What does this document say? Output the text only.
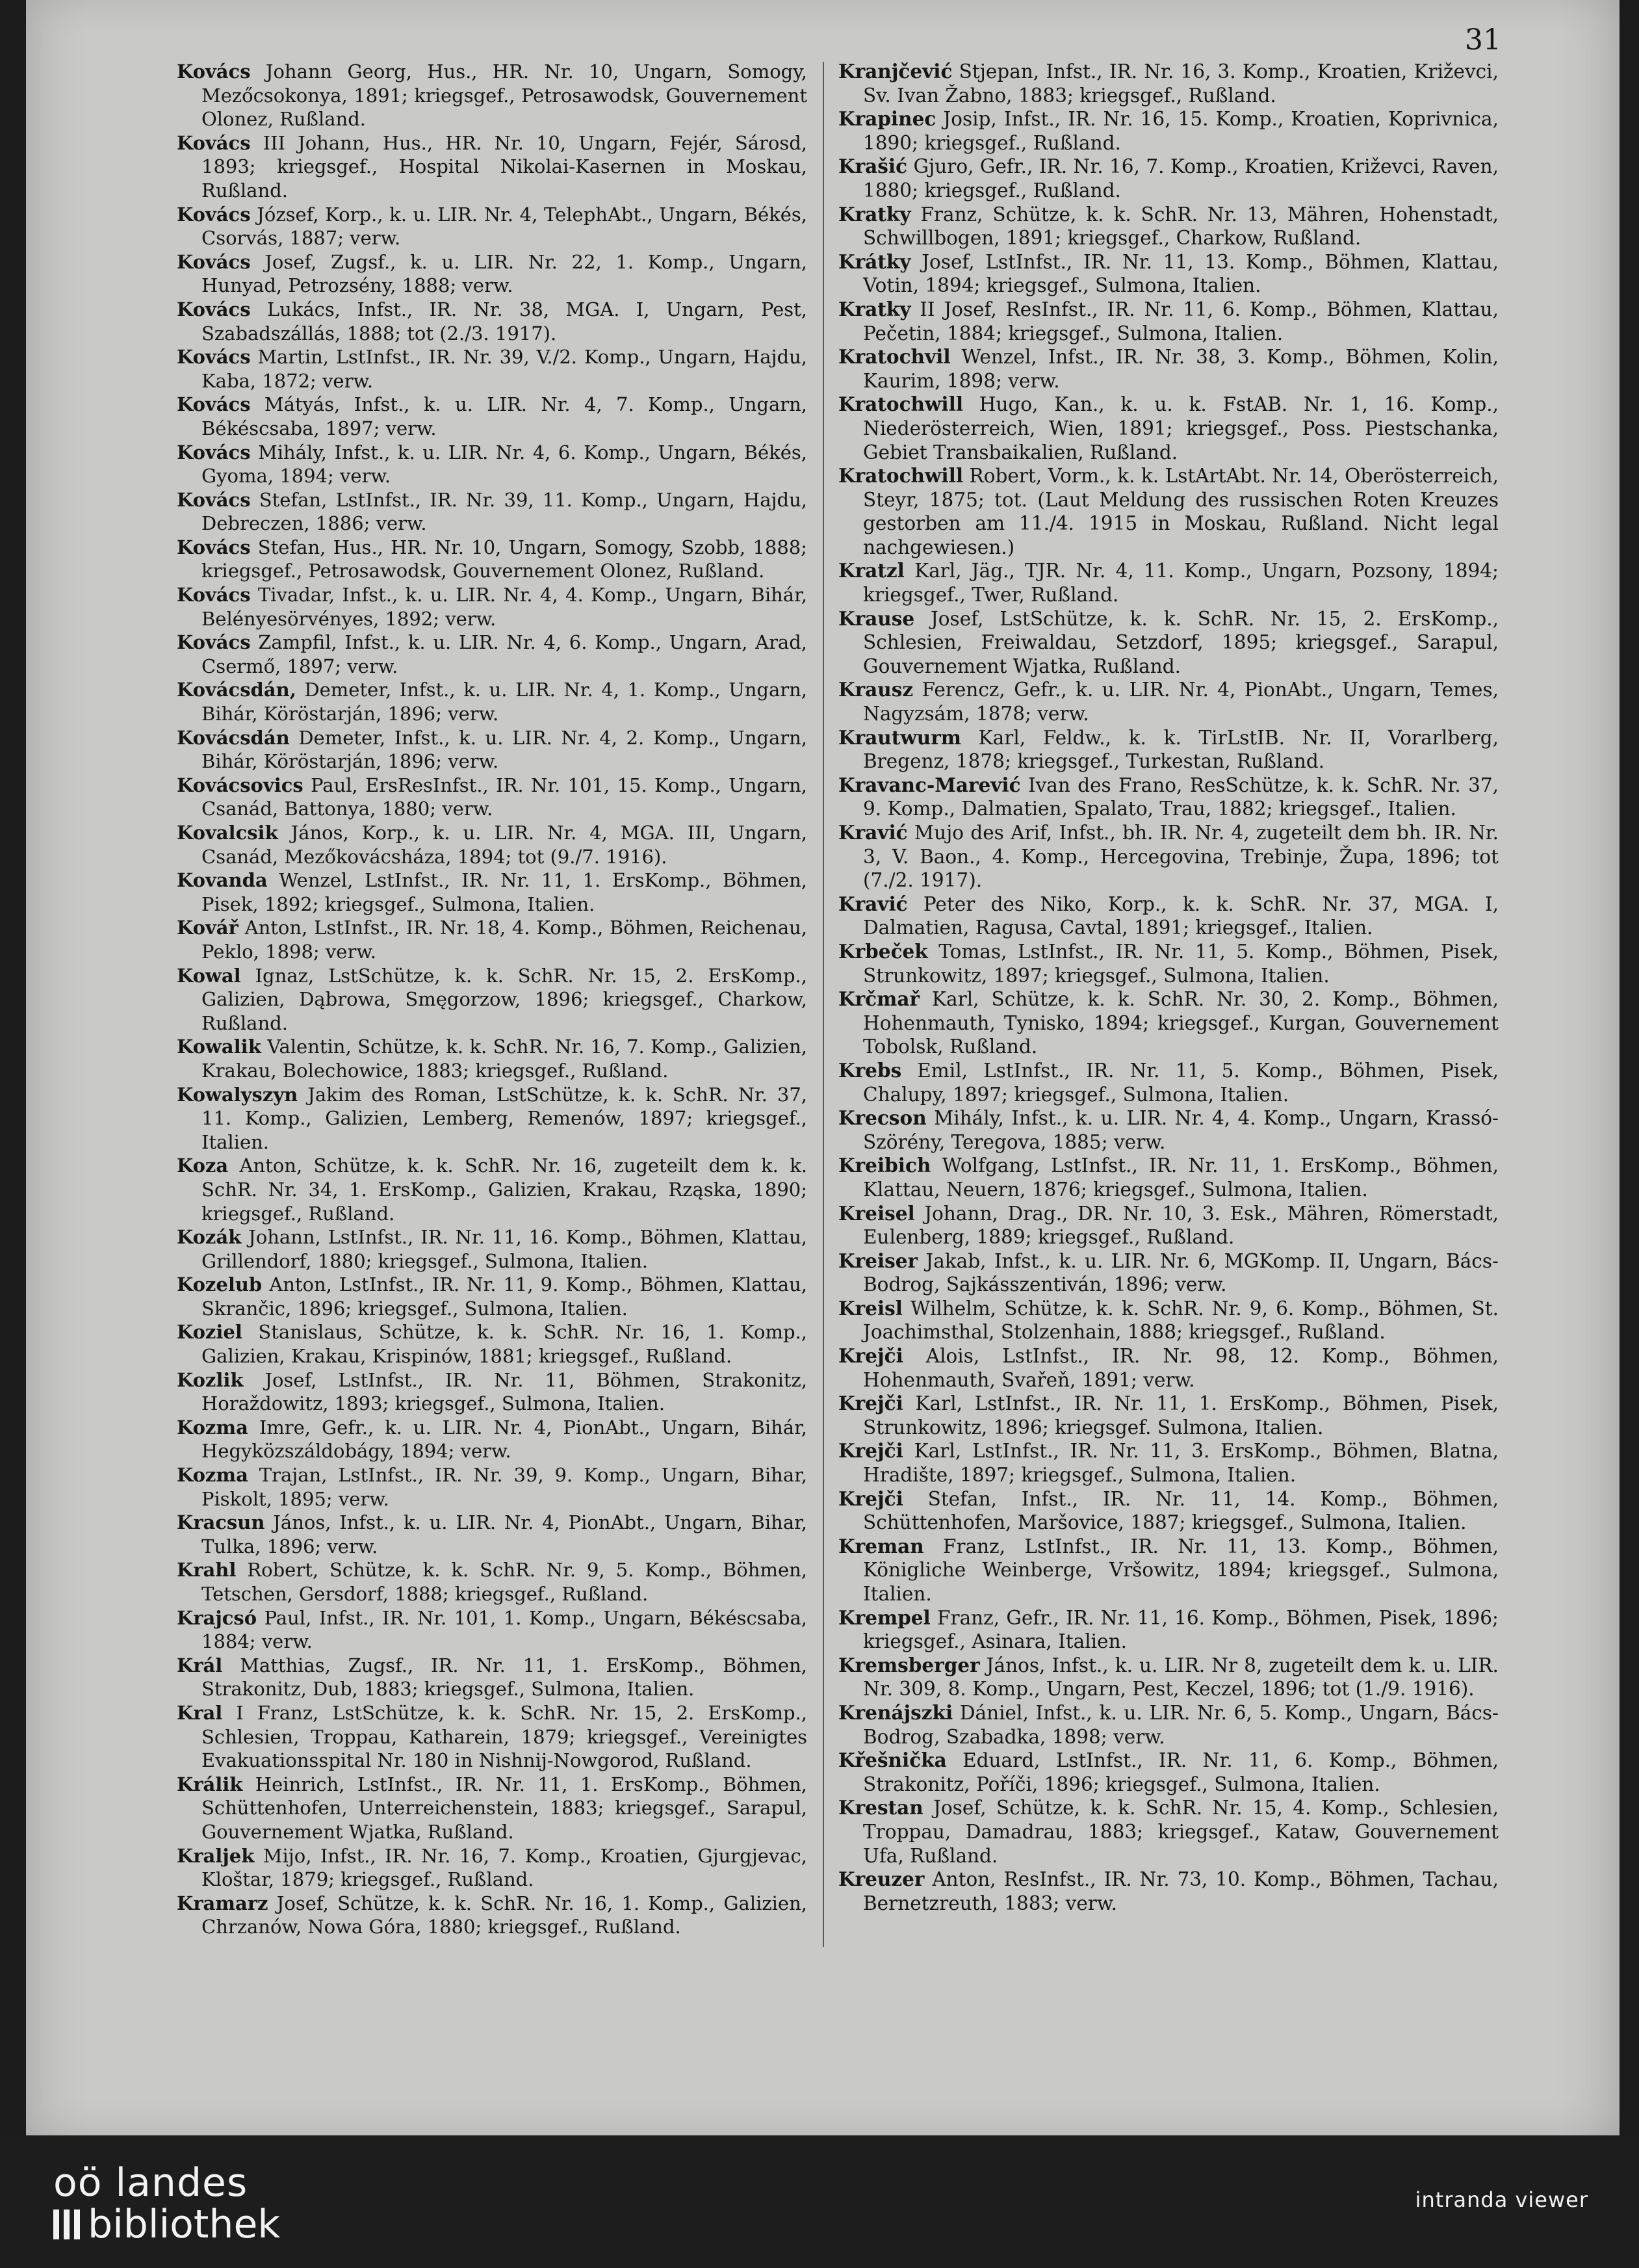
31

Kovács Johann Georg, Hus., HR. Nr. 10, Ungarn, Somogy, Mezőcsokonya, 1891; kriegsgef., Petrosawodsk, Gouvernement Olonez, Rußland.

Kovács III Johann, Hus., HR. Nr. 10, Ungarn, Fejér, Sárosd, 1893; kriegsgef., Hospital Nikolai-Kasernen in Moskau, Rußland.

Kovács József, Korp., k. u. LIR. Nr. 4, TelephAbt., Ungarn, Békés, Csorvás, 1887; verw.

Kovács Josef, Zugsf., k. u. LIR. Nr. 22, 1. Komp., Ungarn, Hunyad, Petrozsény, 1888; verw.

Kovács Lukács, Infst., IR. Nr. 38, MGA. I, Ungarn, Pest, Szabadszállás, 1888; tot (2./3. 1917).

Kovács Martin, LstInfst., IR. Nr. 39, V./2. Komp., Ungarn, Hajdu, Kaba, 1872; verw.

Kovács Mátyás, Infst., k. u. LIR. Nr. 4, 7. Komp., Ungarn, Békéscsaba, 1897; verw.

Kovács Mihály, Infst., k. u. LIR. Nr. 4, 6. Komp., Ungarn, Békés, Gyoma, 1894; verw.

Kovács Stefan, LstInfst., IR. Nr. 39, 11. Komp., Ungarn, Hajdu, Debreczen, 1886; verw.

Kovács Stefan, Hus., HR. Nr. 10, Ungarn, Somogy, Szobb, 1888; kriegsgef., Petrosawodsk, Gouvernement Olonez, Rußland.

Kovács Tivadar, Infst., k. u. LIR. Nr. 4, 4. Komp., Ungarn, Bihár, Belényesörvényes, 1892; verw.

Kovács Zampfil, Infst., k. u. LIR. Nr. 4, 6. Komp., Ungarn, Arad, Csermő, 1897; verw.

Kovácsdán, Demeter, Infst., k. u. LIR. Nr. 4, 1. Komp., Ungarn, Bihár, Köröstarján, 1896; verw.

Kovácsdán Demeter, Infst., k. u. LIR. Nr. 4, 2. Komp., Ungarn, Bihár, Köröstarján, 1896; verw.

Kovácsovics Paul, ErsResInfst., IR. Nr. 101, 15. Komp., Ungarn, Csanád, Battonya, 1880; verw.

Kovalcsik János, Korp., k. u. LIR. Nr. 4, MGA. III, Ungarn, Csanád, Mezőkovácsháza, 1894; tot (9./7. 1916).

Kovanda Wenzel, LstInfst., IR. Nr. 11, 1. ErsKomp., Böhmen, Pisek, 1892; kriegsgef., Sulmona, Italien.

Kovář Anton, LstInfst., IR. Nr. 18, 4. Komp., Böhmen, Reichenau, Peklo, 1898; verw.

Kowal Ignaz, LstSchütze, k. k. SchR. Nr. 15, 2. ErsKomp., Galizien, Dąbrowa, Smęgorzow, 1896; kriegsgef., Charkow, Rußland.

Kowalik Valentin, Schütze, k. k. SchR. Nr. 16, 7. Komp., Galizien, Krakau, Bolechowice, 1883; kriegsgef., Rußland.

Kowalyszyn Jakim des Roman, LstSchütze, k. k. SchR. Nr. 37, 11. Komp., Galizien, Lemberg, Remenów, 1897; kriegsgef., Italien.

Koza Anton, Schütze, k. k. SchR. Nr. 16, zugeteilt dem k. k. SchR. Nr. 34, 1. ErsKomp., Galizien, Krakau, Rząska, 1890; kriegsgef., Rußland.

Kozák Johann, LstInfst., IR. Nr. 11, 16. Komp., Böhmen, Klattau, Grillendorf, 1880; kriegsgef., Sulmona, Italien.

Kozelub Anton, LstInfst., IR. Nr. 11, 9. Komp., Böhmen, Klattau, Skrančic, 1896; kriegsgef., Sulmona, Italien.

Koziel Stanislaus, Schütze, k. k. SchR. Nr. 16, 1. Komp., Galizien, Krakau, Krispinów, 1881; kriegsgef., Rußland.

Kozlik Josef, LstInfst., IR. Nr. 11, Böhmen, Strakonitz, Horaždowitz, 1893; kriegsgef., Sulmona, Italien.

Kozma Imre, Gefr., k. u. LIR. Nr. 4, PionAbt., Ungarn, Bihár, Hegyközszáldobágy, 1894; verw.

Kozma Trajan, LstInfst., IR. Nr. 39, 9. Komp., Ungarn, Bihar, Piskolt, 1895; verw.

Kracsun János, Infst., k. u. LIR. Nr. 4, PionAbt., Ungarn, Bihar, Tulka, 1896; verw.

Krahl Robert, Schütze, k. k. SchR. Nr. 9, 5. Komp., Böhmen, Tetschen, Gersdorf, 1888; kriegsgef., Rußland.

Krajcsó Paul, Infst., IR. Nr. 101, 1. Komp., Ungarn, Békéscsaba, 1884; verw.

Král Matthias, Zugsf., IR. Nr. 11, 1. ErsKomp., Böhmen, Strakonitz, Dub, 1883; kriegsgef., Sulmona, Italien.

Kral I Franz, LstSchütze, k. k. SchR. Nr. 15, 2. ErsKomp., Schlesien, Troppau, Katharein, 1879; kriegsgef., Vereinigtes Evakuationsspital Nr. 180 in Nishnij-Nowgorod, Rußland.

Králik Heinrich, LstInfst., IR. Nr. 11, 1. ErsKomp., Böhmen, Schüttenhofen, Unterreichenstein, 1883; kriegsgef., Sarapul, Gouvernement Wjatka, Rußland.

Kraljek Mijo, Infst., IR. Nr. 16, 7. Komp., Kroatien, Gjurgjevac, Kloštar, 1879; kriegsgef., Rußland.

Kramarz Josef, Schütze, k. k. SchR. Nr. 16, 1. Komp., Galizien, Chrzanów, Nowa Góra, 1880; kriegsgef., Rußland.

Kranjčević Stjepan, Infst., IR. Nr. 16, 3. Komp., Kroatien, Križevci, Sv. Ivan Žabno, 1883; kriegsgef., Rußland.

Krapinec Josip, Infst., IR. Nr. 16, 15. Komp., Kroatien, Koprivnica, 1890; kriegsgef., Rußland.

Krašić Gjuro, Gefr., IR. Nr. 16, 7. Komp., Kroatien, Križevci, Raven, 1880; kriegsgef., Rußland.

Kratky Franz, Schütze, k. k. SchR. Nr. 13, Mähren, Hohenstadt, Schwillbogen, 1891; kriegsgef., Charkow, Rußland.

Krátky Josef, LstInfst., IR. Nr. 11, 13. Komp., Böhmen, Klattau, Votin, 1894; kriegsgef., Sulmona, Italien.

Kratky II Josef, ResInfst., IR. Nr. 11, 6. Komp., Böhmen, Klattau, Pečetin, 1884; kriegsgef., Sulmona, Italien.

Kratochvil Wenzel, Infst., IR. Nr. 38, 3. Komp., Böhmen, Kolin, Kaurim, 1898; verw.

Kratochwill Hugo, Kan., k. u. k. FstAB. Nr. 1, 16. Komp., Niederösterreich, Wien, 1891; kriegsgef., Poss. Piestschanka, Gebiet Transbaikalien, Rußland.

Kratochwill Robert, Vorm., k. k. LstArtAbt. Nr. 14, Oberösterreich, Steyr, 1875; tot. (Laut Meldung des russischen Roten Kreuzes gestorben am 11./4. 1915 in Moskau, Rußland. Nicht legal nachgewiesen.)

Kratzl Karl, Jäg., TJR. Nr. 4, 11. Komp., Ungarn, Pozsony, 1894; kriegsgef., Twer, Rußland.

Krause Josef, LstSchütze, k. k. SchR. Nr. 15, 2. ErsKomp., Schlesien, Freiwaldau, Setzdorf, 1895; kriegsgef., Sarapul, Gouvernement Wjatka, Rußland.

Krausz Ferencz, Gefr., k. u. LIR. Nr. 4, PionAbt., Ungarn, Temes, Nagyzsám, 1878; verw.

Krautwurm Karl, Feldw., k. k. TirLstIB. Nr. II, Vorarlberg, Bregenz, 1878; kriegsgef., Turkestan, Rußland.

Kravanc-Marević Ivan des Frano, ResSchütze, k. k. SchR. Nr. 37, 9. Komp., Dalmatien, Spalato, Trau, 1882; kriegsgef., Italien.

Kravić Mujo des Arif, Infst., bh. IR. Nr. 4, zugeteilt dem bh. IR. Nr. 3, V. Baon., 4. Komp., Hercegovina, Trebinje, Župa, 1896; tot (7./2. 1917).

Kravić Peter des Niko, Korp., k. k. SchR. Nr. 37, MGA. I, Dalmatien, Ragusa, Cavtal, 1891; kriegsgef., Italien.

Krbeček Tomas, LstInfst., IR. Nr. 11, 5. Komp., Böhmen, Pisek, Strunkowitz, 1897; kriegsgef., Sulmona, Italien.

Krčmař Karl, Schütze, k. k. SchR. Nr. 30, 2. Komp., Böhmen, Hohenmauth, Tynisko, 1894; kriegsgef., Kurgan, Gouvernement Tobolsk, Rußland.

Krebs Emil, LstInfst., IR. Nr. 11, 5. Komp., Böhmen, Pisek, Chalupy, 1897; kriegsgef., Sulmona, Italien.

Krecson Mihály, Infst., k. u. LIR. Nr. 4, 4. Komp., Ungarn, Krassó-Szörény, Teregova, 1885; verw.

Kreibich Wolfgang, LstInfst., IR. Nr. 11, 1. ErsKomp., Böhmen, Klattau, Neuern, 1876; kriegsgef., Sulmona, Italien.

Kreisel Johann, Drag., DR. Nr. 10, 3. Esk., Mähren, Römerstadt, Eulenberg, 1889; kriegsgef., Rußland.

Kreiser Jakab, Infst., k. u. LIR. Nr. 6, MGKomp. II, Ungarn, Bács-Bodrog, Sajkásszentiván, 1896; verw.

Kreisl Wilhelm, Schütze, k. k. SchR. Nr. 9, 6. Komp., Böhmen, St. Joachimsthal, Stolzenhain, 1888; kriegsgef., Rußland.

Krejči Alois, LstInfst., IR. Nr. 98, 12. Komp., Böhmen, Hohenmauth, Svařeň, 1891; verw.

Krejči Karl, LstInfst., IR. Nr. 11, 1. ErsKomp., Böhmen, Pisek, Strunkowitz, 1896; kriegsgef. Sulmona, Italien.

Krejči Karl, LstInfst., IR. Nr. 11, 3. ErsKomp., Böhmen, Blatna, Hradište, 1897; kriegsgef., Sulmona, Italien.

Krejči Stefan, Infst., IR. Nr. 11, 14. Komp., Böhmen, Schüttenhofen, Maršovice, 1887; kriegsgef., Sulmona, Italien.

Kreman Franz, LstInfst., IR. Nr. 11, 13. Komp., Böhmen, Königliche Weinberge, Vršowitz, 1894; kriegsgef., Sulmona, Italien.

Krempel Franz, Gefr., IR. Nr. 11, 16. Komp., Böhmen, Pisek, 1896; kriegsgef., Asinara, Italien.

Kremsberger János, Infst., k. u. LIR. Nr 8, zugeteilt dem k. u. LIR. Nr. 309, 8. Komp., Ungarn, Pest, Keczel, 1896; tot (1./9. 1916).

Krenájszki Dániel, Infst., k. u. LIR. Nr. 6, 5. Komp., Ungarn, Bács-Bodrog, Szabadka, 1898; verw.

Křešnička Eduard, LstInfst., IR. Nr. 11, 6. Komp., Böhmen, Strakonitz, Poříči, 1896; kriegsgef., Sulmona, Italien.

Krestan Josef, Schütze, k. k. SchR. Nr. 15, 4. Komp., Schlesien, Troppau, Damadrau, 1883; kriegsgef., Kataw, Gouvernement Ufa, Rußland.

Kreuzer Anton, ResInfst., IR. Nr. 73, 10. Komp., Böhmen, Tachau, Bernetzreuth, 1883; verw.

oö landes
bibliothek
intranda viewer
